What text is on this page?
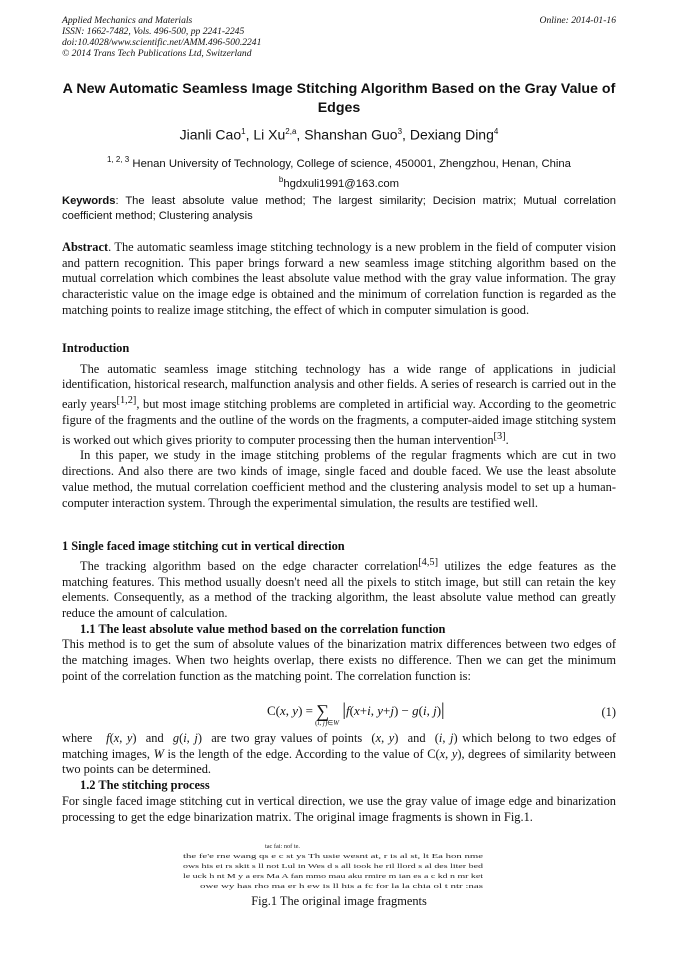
Applied Mechanics and Materials
ISSN: 1662-7482, Vols. 496-500, pp 2241-2245
doi:10.4028/www.scientific.net/AMM.496-500.2241
© 2014 Trans Tech Publications Ltd, Switzerland
Online: 2014-01-16
A New Automatic Seamless Image Stitching Algorithm Based on the Gray Value of Edges
Jianli Cao$^1$, Li Xu$^{2,a}$, Shanshan Guo$^3$, Dexiang Ding$^4$
$^{1, 2, 3}$ Henan University of Technology, College of science, 450001, Zhengzhou, Henan, China
$^b$hgdxuli1991@163.com
Keywords: The least absolute value method; The largest similarity; Decision matrix; Mutual correlation coefficient method; Clustering analysis

Abstract. The automatic seamless image stitching technology is a new problem in the field of computer vision and pattern recognition. This paper brings forward a new seamless image stitching algorithm based on the mutual correlation which combines the least absolute value method with the gray value information. The gray characteristic value on the image edge is obtained and the minimum of correlation function is regarded as the matching points to realize image stitching, the effect of which in computer simulation is good.

Introduction

The automatic seamless image stitching technology has a wide range of applications in judicial identification, historical research, malfunction analysis and other fields. A series of research is carried out in the early years[1,2], but most image stitching problems are completed in artificial way. According to the geometric figure of the fragments and the outline of the words on the fragments, a computer-aided image stitching system is worked out which gives priority to computer processing then the human intervention[3].

In this paper, we study in the image stitching problems of the regular fragments which are cut in two directions. And also there are two kinds of image, single faced and double faced. We use the least absolute value method, the mutual correlation coefficient method and the clustering analysis model to set up a human-computer interaction system. Through the experimental simulation, the results are testified well.

1 Single faced image stitching cut in vertical direction

The tracking algorithm based on the edge character correlation[4,5] utilizes the edge features as the matching features. This method usually doesn't need all the pixels to stitch image, but still can retain the key elements. Consequently, as a method of the tracking algorithm, the least absolute value method can greatly reduce the amount of calculation.

1.1 The least absolute value method based on the correlation function

This method is to get the sum of absolute values of the binarization matrix differences between two edges of the matching images. When two heights overlap, there exists no difference. Then we can get the minimum point of the correlation function as the matching point. The correlation function is:

C(x, $y) = \sum_{(i, j)\in W}$ |f(x+i, y+j) − g(i, j)|	(1)

where f(x, y)  and g(i, j)  are two gray values of points  (x, y)  and  (i, j) which belong to two edges of matching images, W is the length of the edge. According to the value of C(x, y), degrees of similarity between two points can be determined.

1.2 The stitching process

For single faced image stitching cut in vertical direction, we use the gray value of image edge and binarization processing to get the edge binarization matrix. The original image fragments is shown in Fig.1.

tac fai: nof te.
the fe'e rne wang qs e c st ys Th usie wesnt at, r is al st, lt Ea hon nme
ows his ei rs skit s ll not Lul in Wes d s all iook he ril llord s al des liter bed
le uck h nt M y a ers Ma A fan mmo mau aku rmire m ian es a c kd n mr ket
owe wy has rho ma er h ew is ll his a fc for la la chia ol t ntr :nas
Fig.1 The original image fragments
